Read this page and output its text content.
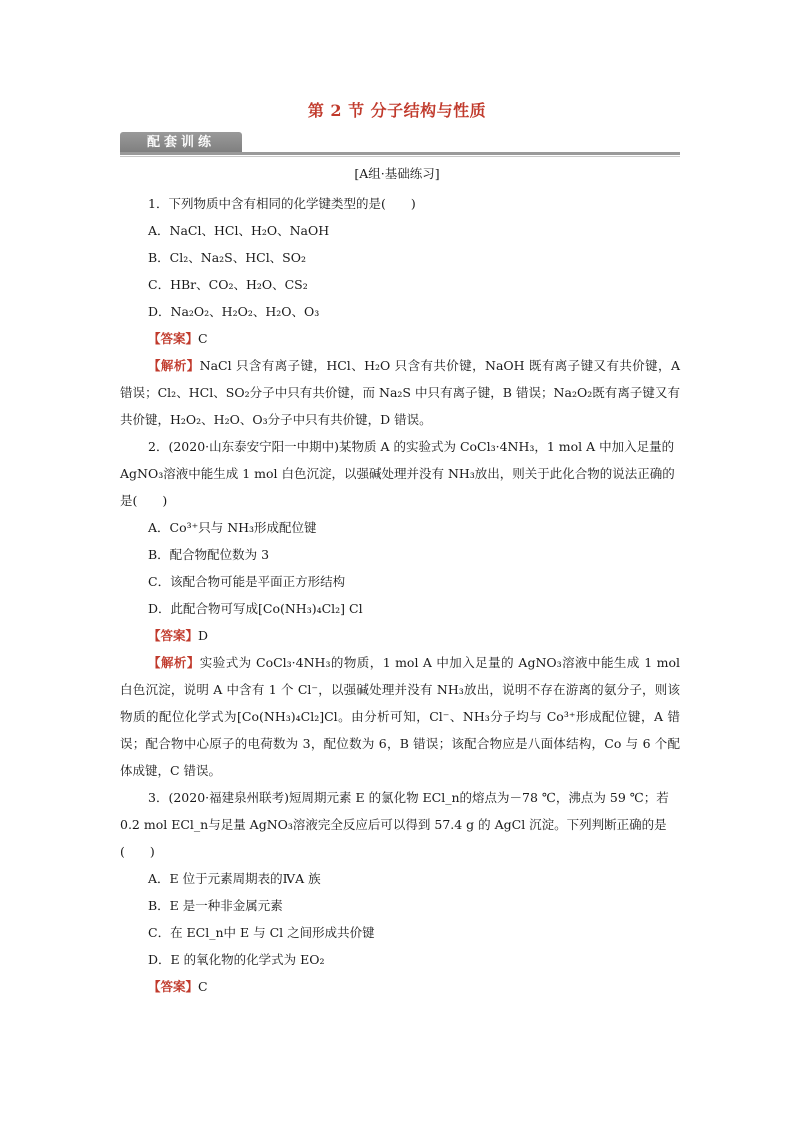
第 2 节 分子结构与性质
配套训练
[A组·基础练习]

1．下列物质中含有相同的化学键类型的是(　　)

A．NaCl、HCl、H₂O、NaOH

B．Cl₂、Na₂S、HCl、SO₂

C．HBr、CO₂、H₂O、CS₂

D．Na₂O₂、H₂O₂、H₂O、O₃

【答案】C

【解析】NaCl 只含有离子键，HCl、H₂O 只含有共价键，NaOH 既有离子键又有共价键，A 错误；Cl₂、HCl、SO₂分子中只有共价键，而 Na₂S 中只有离子键，B 错误；Na₂O₂既有离子键又有共价键，H₂O₂、H₂O、O₃分子中只有共价键，D 错误。

2．(2020·山东泰安宁阳一中期中)某物质 A 的实验式为 CoCl₃·4NH₃，1 mol A 中加入足量的 AgNO₃溶液中能生成 1 mol 白色沉淀，以强碱处理并没有 NH₃放出，则关于此化合物的说法正确的是(　　)

A．Co³⁺只与 NH₃形成配位键

B．配合物配位数为 3

C．该配合物可能是平面正方形结构

D．此配合物可写成[Co(NH₃)₄Cl₂] Cl

【答案】D

【解析】实验式为 CoCl₃·4NH₃的物质，1 mol A 中加入足量的 AgNO₃溶液中能生成 1 mol 白色沉淀，说明 A 中含有 1 个 Cl⁻，以强碱处理并没有 NH₃放出，说明不存在游离的氨分子，则该物质的配位化学式为[Co(NH₃)₄Cl₂]Cl。由分析可知，Cl⁻、NH₃分子均与 Co³⁺形成配位键，A 错误；配合物中心原子的电荷数为 3，配位数为 6，B 错误；该配合物应是八面体结构，Co 与 6 个配体成键，C 错误。

3．(2020·福建泉州联考)短周期元素 E 的氯化物 ECl_n的熔点为－78 ℃，沸点为 59 ℃；若 0.2 mol ECl_n与足量 AgNO₃溶液完全反应后可以得到 57.4 g 的 AgCl 沉淀。下列判断正确的是(　　)

A．E 位于元素周期表的ⅣA 族

B．E 是一种非金属元素

C．在 ECl_n中 E 与 Cl 之间形成共价键

D．E 的氧化物的化学式为 EO₂

【答案】C
